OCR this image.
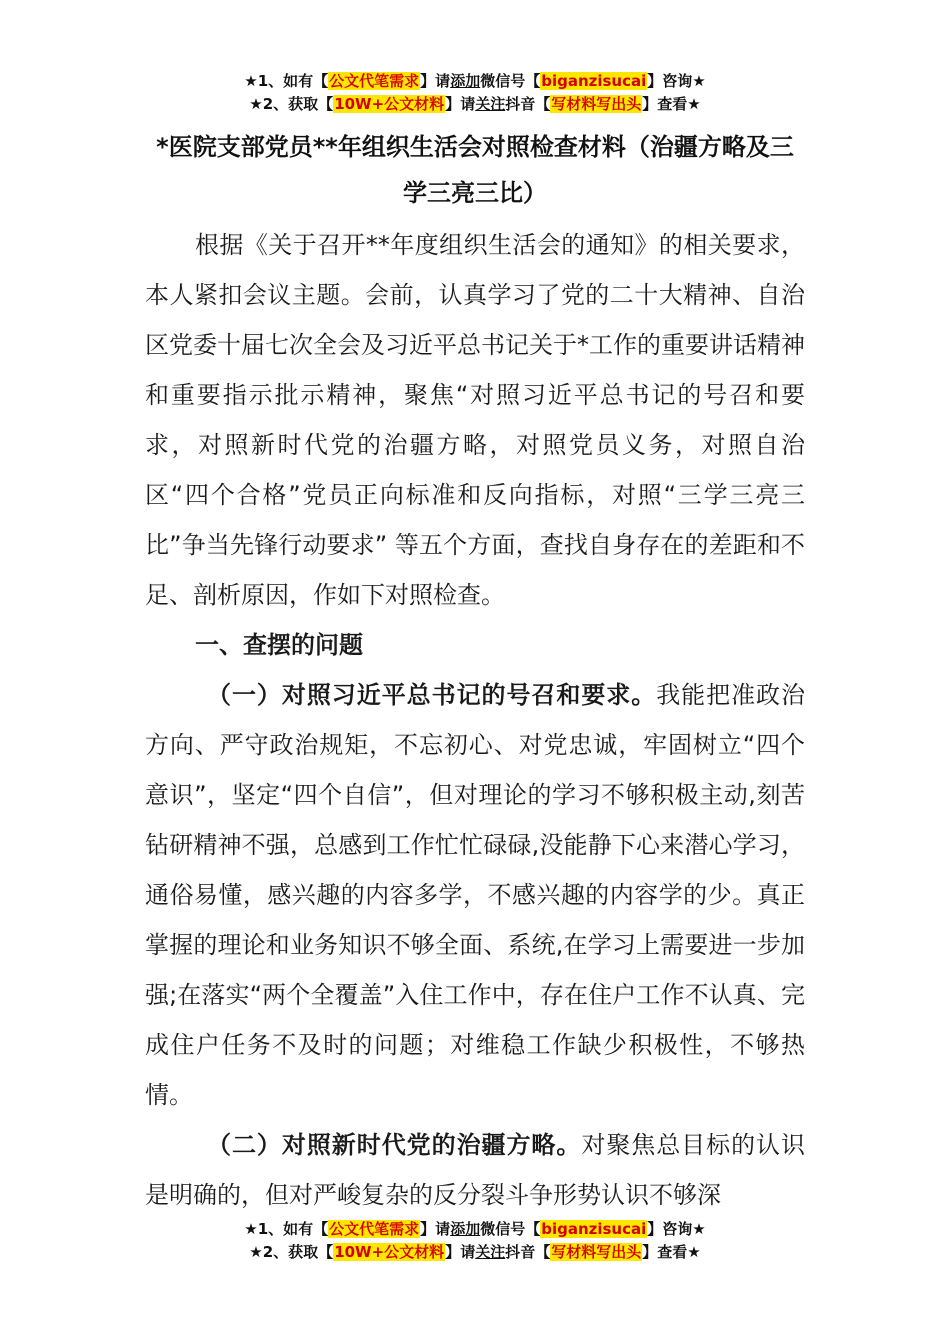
★1、如有【公文代笔需求】请添加微信号【biganzisucai】咨询★
★2、获取【10W+公文材料】请关注抖音【写材料写出头】查看★
*医院支部党员**年组织生活会对照检查材料（治疆方略及三学三亮三比）

根据《关于召开**年度组织生活会的通知》的相关要求，本人紧扣会议主题。会前，认真学习了党的二十大精神、自治区党委十届七次全会及习近平总书记关于*工作的重要讲话精神和重要指示批示精神，聚焦“对照习近平总书记的号召和要求，对照新时代党的治疆方略，对照党员义务，对照自治区“四个合格”党员正向标准和反向指标，对照“三学三亮三比”争当先锋行动要求” 等五个方面，查找自身存在的差距和不足、剖析原因，作如下对照检查。

一、查摆的问题

（一）对照习近平总书记的号召和要求。我能把准政治方向、严守政治规矩，不忘初心、对党忠诚，牢固树立“四个意识”，坚定“四个自信”，但对理论的学习不够积极主动,刻苦钻研精神不强，总感到工作忙忙碌碌,没能静下心来潜心学习，通俗易懂，感兴趣的内容多学，不感兴趣的内容学的少。真正掌握的理论和业务知识不够全面、系统,在学习上需要进一步加强;在落实“两个全覆盖”入住工作中，存在住户工作不认真、完成住户任务不及时的问题；对维稳工作缺少积极性，不够热情。

（二）对照新时代党的治疆方略。对聚焦总目标的认识是明确的，但对严峻复杂的反分裂斗争形势认识不够深

★1、如有【公文代笔需求】请添加微信号【biganzisucai】咨询★
★2、获取【10W+公文材料】请关注抖音【写材料写出头】查看★
